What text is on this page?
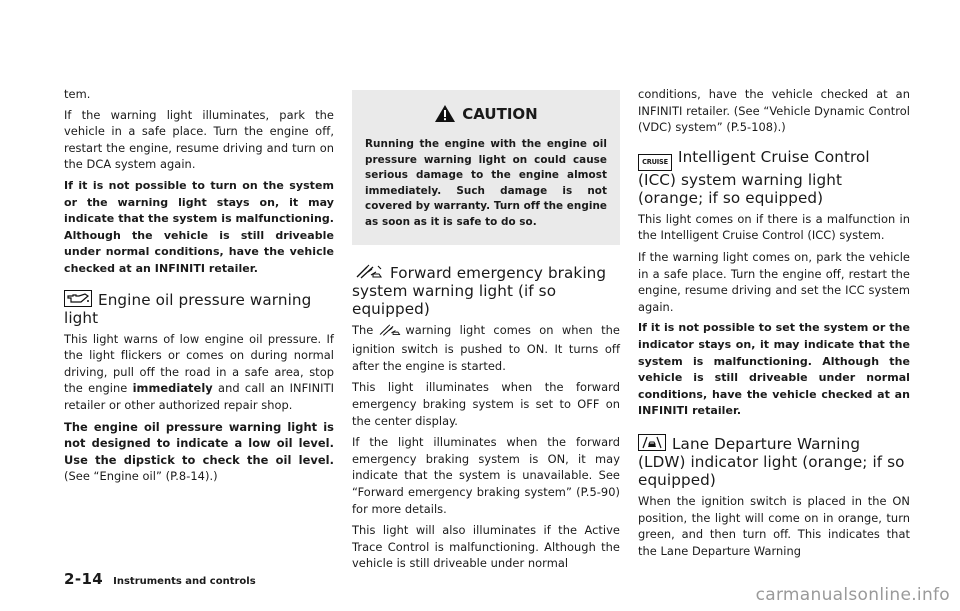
tem.

If the warning light illuminates, park the vehicle in a safe place. Turn the engine off, restart the engine, resume driving and turn on the DCA system again.

If it is not possible to turn on the system or the warning light stays on, it may indicate that the system is malfunctioning. Although the vehicle is still driveable under normal conditions, have the vehicle checked at an INFINITI retailer.

Engine oil pressure warning light

This light warns of low engine oil pressure. If the light flickers or comes on during normal driving, pull off the road in a safe area, stop the engine immediately and call an INFINITI retailer or other authorized repair shop.

The engine oil pressure warning light is not designed to indicate a low oil level. Use the dipstick to check the oil level. (See “Engine oil” (P.8-14).)

CAUTION

Running the engine with the engine oil pressure warning light on could cause serious damage to the engine almost immediately. Such damage is not covered by warranty. Turn off the engine as soon as it is safe to do so.

Forward emergency braking system warning light (if so equipped)

The	warning light comes on when the ignition switch is pushed to ON. It turns off after the engine is started.

This light illuminates when the forward emergency braking system is set to OFF on the center display.

If the light illuminates when the forward emergency braking system is ON, it may indicate that the system is unavailable. See “Forward emergency braking system” (P.5-90) for more details.

This light will also illuminates if the Active Trace Control is malfunctioning. Although the vehicle is still driveable under normal

conditions, have the vehicle checked at an INFINITI retailer. (See “Vehicle Dynamic Control (VDC) system” (P.5-108).)

CRUISE Intelligent Cruise Control (ICC) system warning light (orange; if so equipped)

This light comes on if there is a malfunction in the Intelligent Cruise Control (ICC) system.

If the warning light comes on, park the vehicle in a safe place. Turn the engine off, restart the engine, resume driving and set the ICC system again.

If it is not possible to set the system or the indicator stays on, it may indicate that the system is malfunctioning. Although the vehicle is still driveable under normal conditions, have the vehicle checked at an INFINITI retailer.

Lane Departure Warning (LDW) indicator light (orange; if so equipped)

When the ignition switch is placed in the ON position, the light will come on in orange, turn green, and then turn off. This indicates that the Lane Departure Warning

2-14 Instruments and controls
carmanualsonline.info
